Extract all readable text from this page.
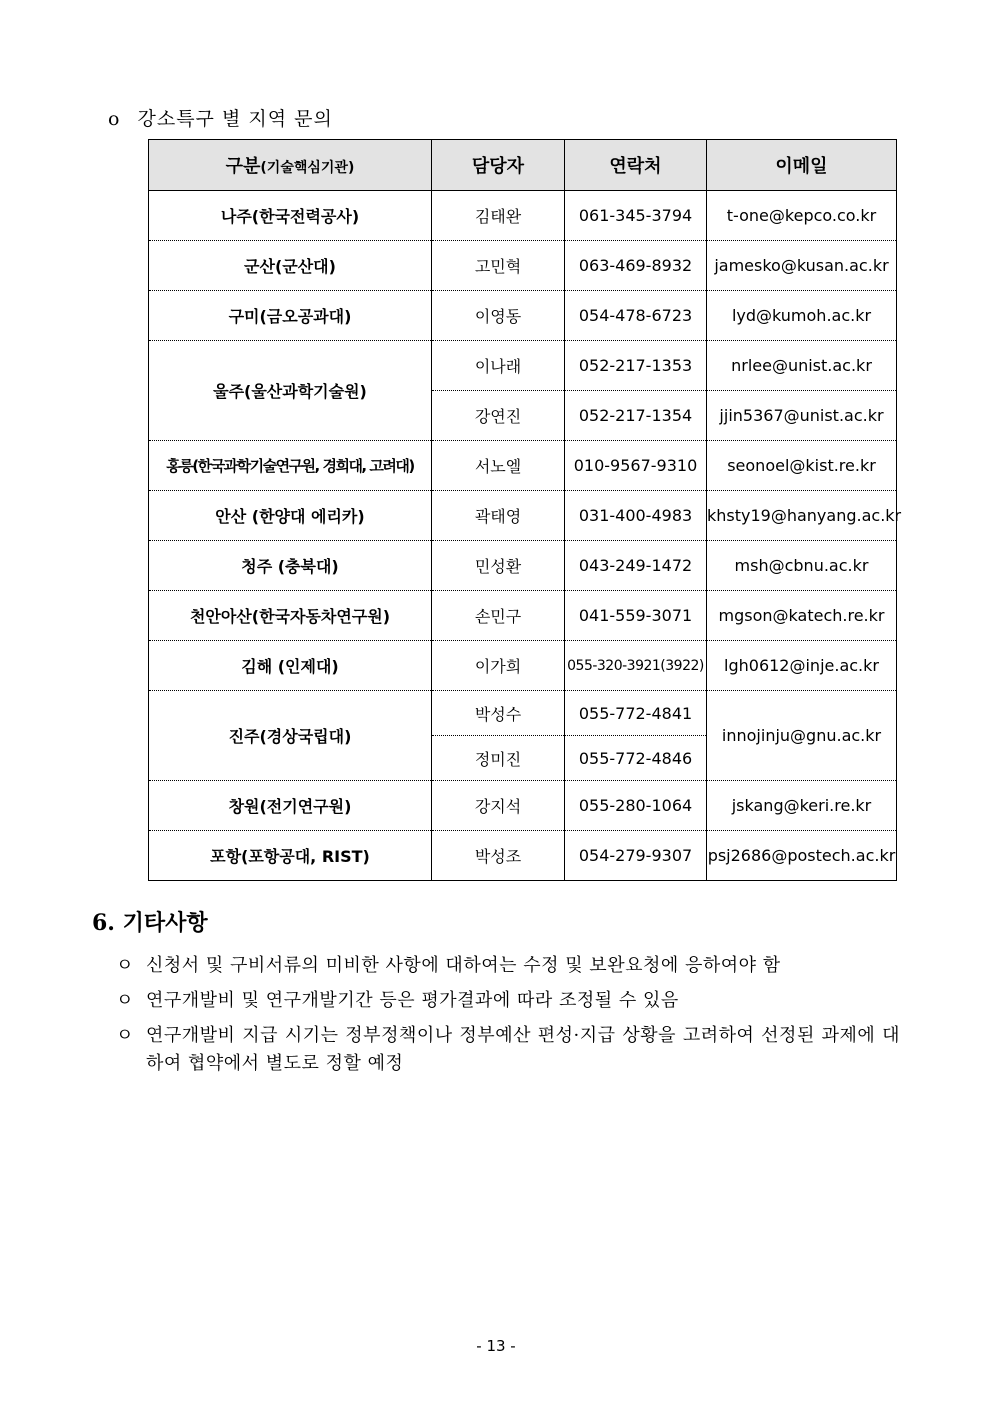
o 강소특구 별 지역 문의
구분(기술핵심기관)	담당자	연락처	이메일
나주(한국전력공사)	김태완	061-345-3794	t-one@kepco.co.kr
군산(군산대)	고민혁	063-469-8932	jamesko@kusan.ac.kr
구미(금오공과대)	이영동	054-478-6723	lyd@kumoh.ac.kr
울주(울산과학기술원)	이나래	052-217-1353	nrlee@unist.ac.kr
	강연진	052-217-1354	jjin5367@unist.ac.kr
홍릉(한국과학기술연구원, 경희대, 고려대)	서노엘	010-9567-9310	seonoel@kist.re.kr
안산 (한양대 에리카)	곽태영	031-400-4983	khsty19@hanyang.ac.kr
청주 (충북대)	민성환	043-249-1472	msh@cbnu.ac.kr
천안아산(한국자동차연구원)	손민구	041-559-3071	mgson@katech.re.kr
김해 (인제대)	이가희	055-320-3921(3922)	lgh0612@inje.ac.kr
진주(경상국립대)	박성수	055-772-4841	innojinju@gnu.ac.kr
	정미진	055-772-4846	
창원(전기연구원)	강지석	055-280-1064	jskang@keri.re.kr
포항(포항공대, RIST)	박성조	054-279-9307	psj2686@postech.ac.kr
6. 기타사항
ㅇ 신청서 및 구비서류의 미비한 사항에 대하여는 수정 및 보완요청에 응하여야 함
ㅇ 연구개발비 및 연구개발기간 등은 평가결과에 따라 조정될 수 있음
ㅇ 연구개발비 지급 시기는 정부정책이나 정부예산 편성·지급 상황을 고려하여 선정된 과제에 대하여 협약에서 별도로 정할 예정
- 13 -
